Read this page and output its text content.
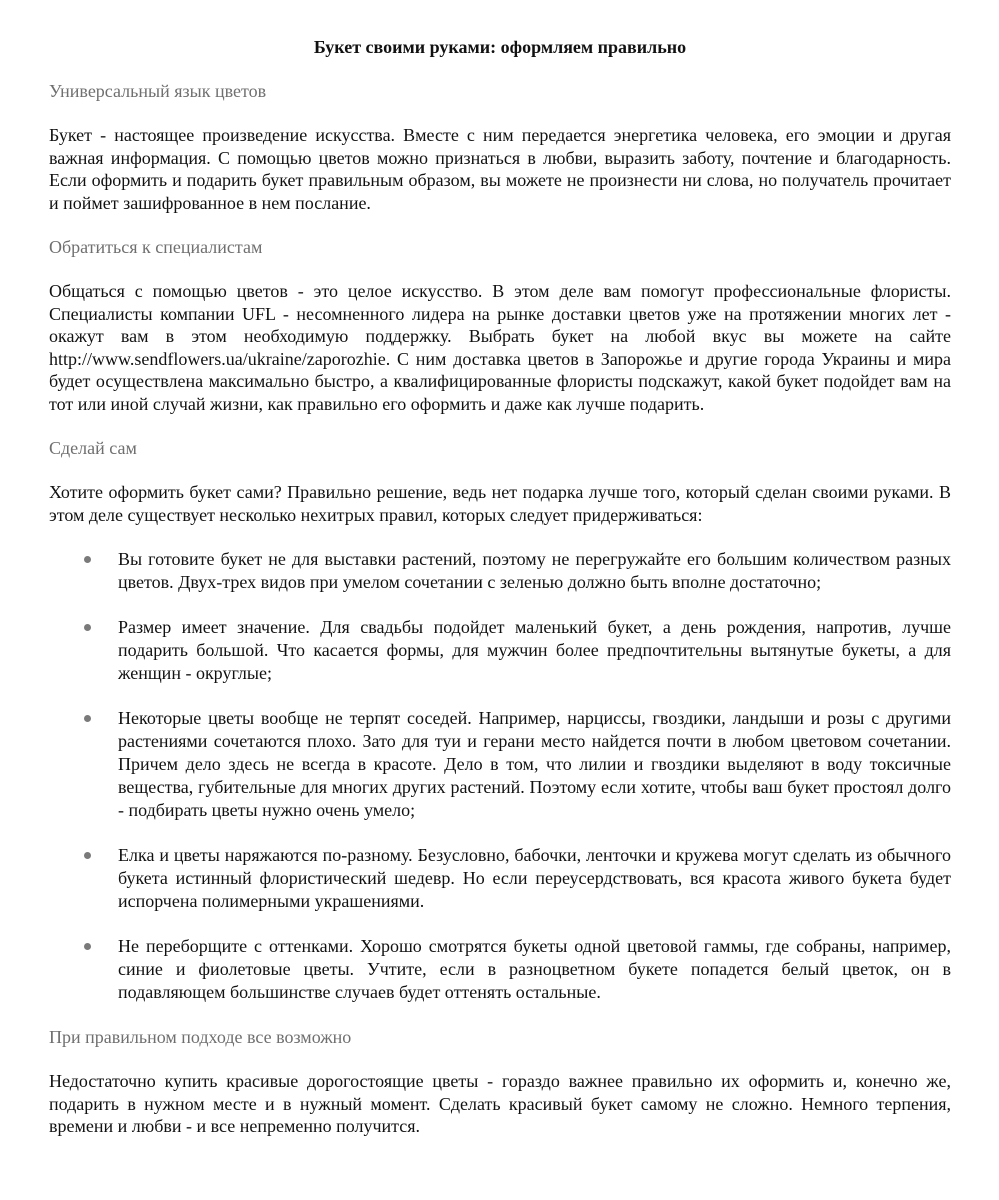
Букет своими руками: оформляем правильно
Универсальный язык цветов

Букет - настоящее произведение искусства. Вместе с ним передается энергетика человека, его эмоции и другая важная информация. С помощью цветов можно признаться в любви, выразить заботу, почтение и благодарность. Если оформить и подарить букет правильным образом, вы можете не произнести ни слова, но получатель прочитает и поймет зашифрованное в нем послание.

Обратиться к специалистам

Общаться с помощью цветов - это целое искусство. В этом деле вам помогут профессиональные флористы. Специалисты компании UFL - несомненного лидера на рынке доставки цветов уже на протяжении многих лет - окажут вам в этом необходимую поддержку. Выбрать букет на любой вкус вы можете на сайте http://www.sendflowers.ua/ukraine/zaporozhie. С ним доставка цветов в Запорожье и другие города Украины и мира будет осуществлена максимально быстро, а квалифицированные флористы подскажут, какой букет подойдет вам на тот или иной случай жизни, как правильно его оформить и даже как лучше подарить.

Сделай сам

Хотите оформить букет сами? Правильно решение, ведь нет подарка лучше того, который сделан своими руками. В этом деле существует несколько нехитрых правил, которых следует придерживаться:

Вы готовите букет не для выставки растений, поэтому не перегружайте его большим количеством разных цветов. Двух-трех видов при умелом сочетании с зеленью должно быть вполне достаточно;
Размер имеет значение. Для свадьбы подойдет маленький букет, а день рождения, напротив, лучше подарить большой. Что касается формы, для мужчин более предпочтительны вытянутые букеты, а для женщин - округлые;
Некоторые цветы вообще не терпят соседей. Например, нарциссы, гвоздики, ландыши и розы с другими растениями сочетаются плохо. Зато для туи и герани место найдется почти в любом цветовом сочетании. Причем дело здесь не всегда в красоте. Дело в том, что лилии и гвоздики выделяют в воду токсичные вещества, губительные для многих других растений. Поэтому если хотите, чтобы ваш букет простоял долго - подбирать цветы нужно очень умело;
Елка и цветы наряжаются по-разному. Безусловно, бабочки, ленточки и кружева могут сделать из обычного букета истинный флористический шедевр. Но если переусердствовать, вся красота живого букета будет испорчена полимерными украшениями.
Не переборщите с оттенками. Хорошо смотрятся букеты одной цветовой гаммы, где собраны, например, синие и фиолетовые цветы. Учтите, если в разноцветном букете попадется белый цветок, он в подавляющем большинстве случаев будет оттенять остальные.
При правильном подходе все возможно

Недостаточно купить красивые дорогостоящие цветы - гораздо важнее правильно их оформить и, конечно же, подарить в нужном месте и в нужный момент. Сделать красивый букет самому не сложно. Немного терпения, времени и любви - и все непременно получится.
